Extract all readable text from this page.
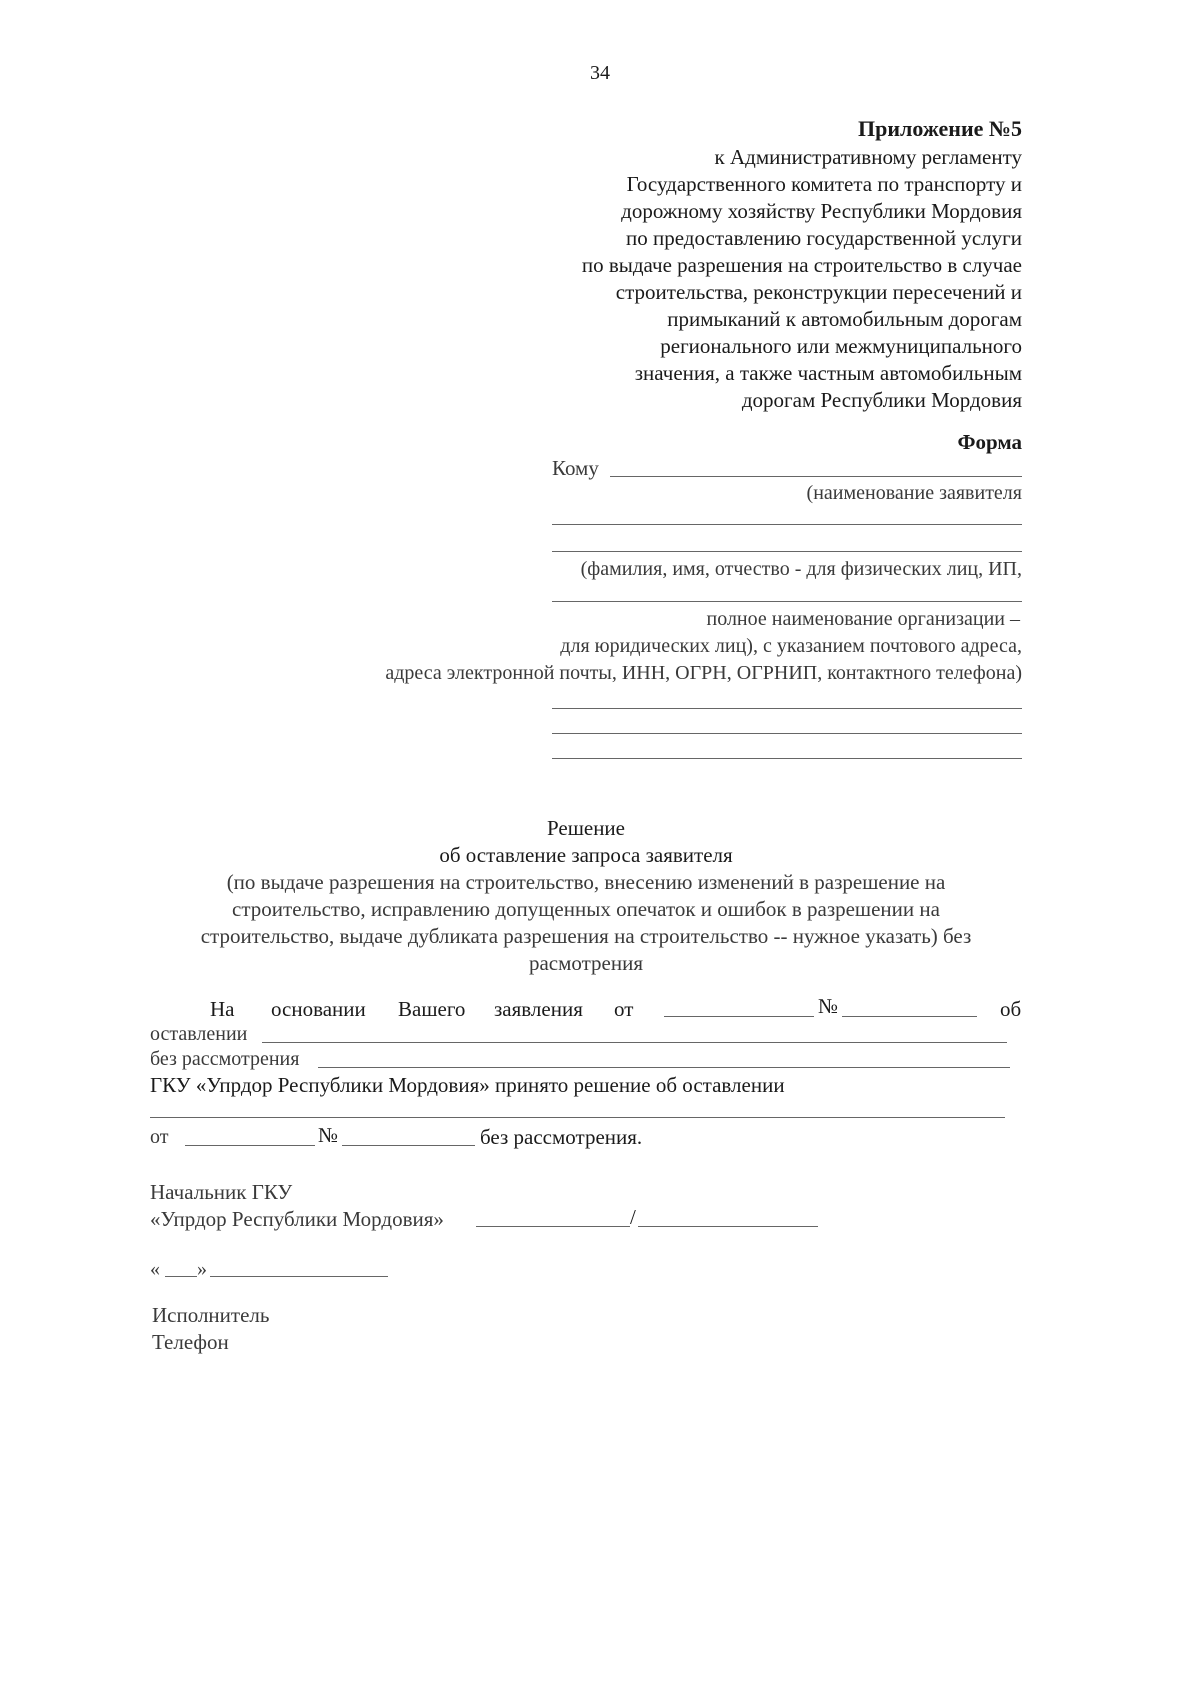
34
Приложение №5
к Административному регламенту
Государственного комитета по транспорту и
дорожному хозяйству Республики Мордовия
по предоставлению государственной услуги
по выдаче разрешения на строительство в случае
строительства, реконструкции пересечений и
примыканий к автомобильным дорогам
регионального или межмуниципального
значения, а также частным автомобильным
дорогам Республики Мордовия
Форма
Кому
(наименование заявителя
(фамилия, имя, отчество - для физических лиц, ИП,
полное наименование организации –
для юридических лиц), с указанием почтового адреса,
адреса электронной почты, ИНН, ОГРН, ОГРНИП, контактного телефона)
Решение
об оставление запроса заявителя
(по выдаче разрешения на строительство, внесению изменений в разрешение на
строительство, исправлению допущенных опечаток и ошибок в разрешении на
строительство, выдаче дубликата разрешения на строительство -- нужное указать) без
расмотрения
На основании Вашего заявления от	№	об
оставлении
без рассмотрения
ГКУ «Упрдор Республики Мордовия» принято решение об оставлении
от	№	без рассмотрения.
Начальник ГКУ
«Упрдор Республики Мордовия»	/
« »
Исполнитель
Телефон
